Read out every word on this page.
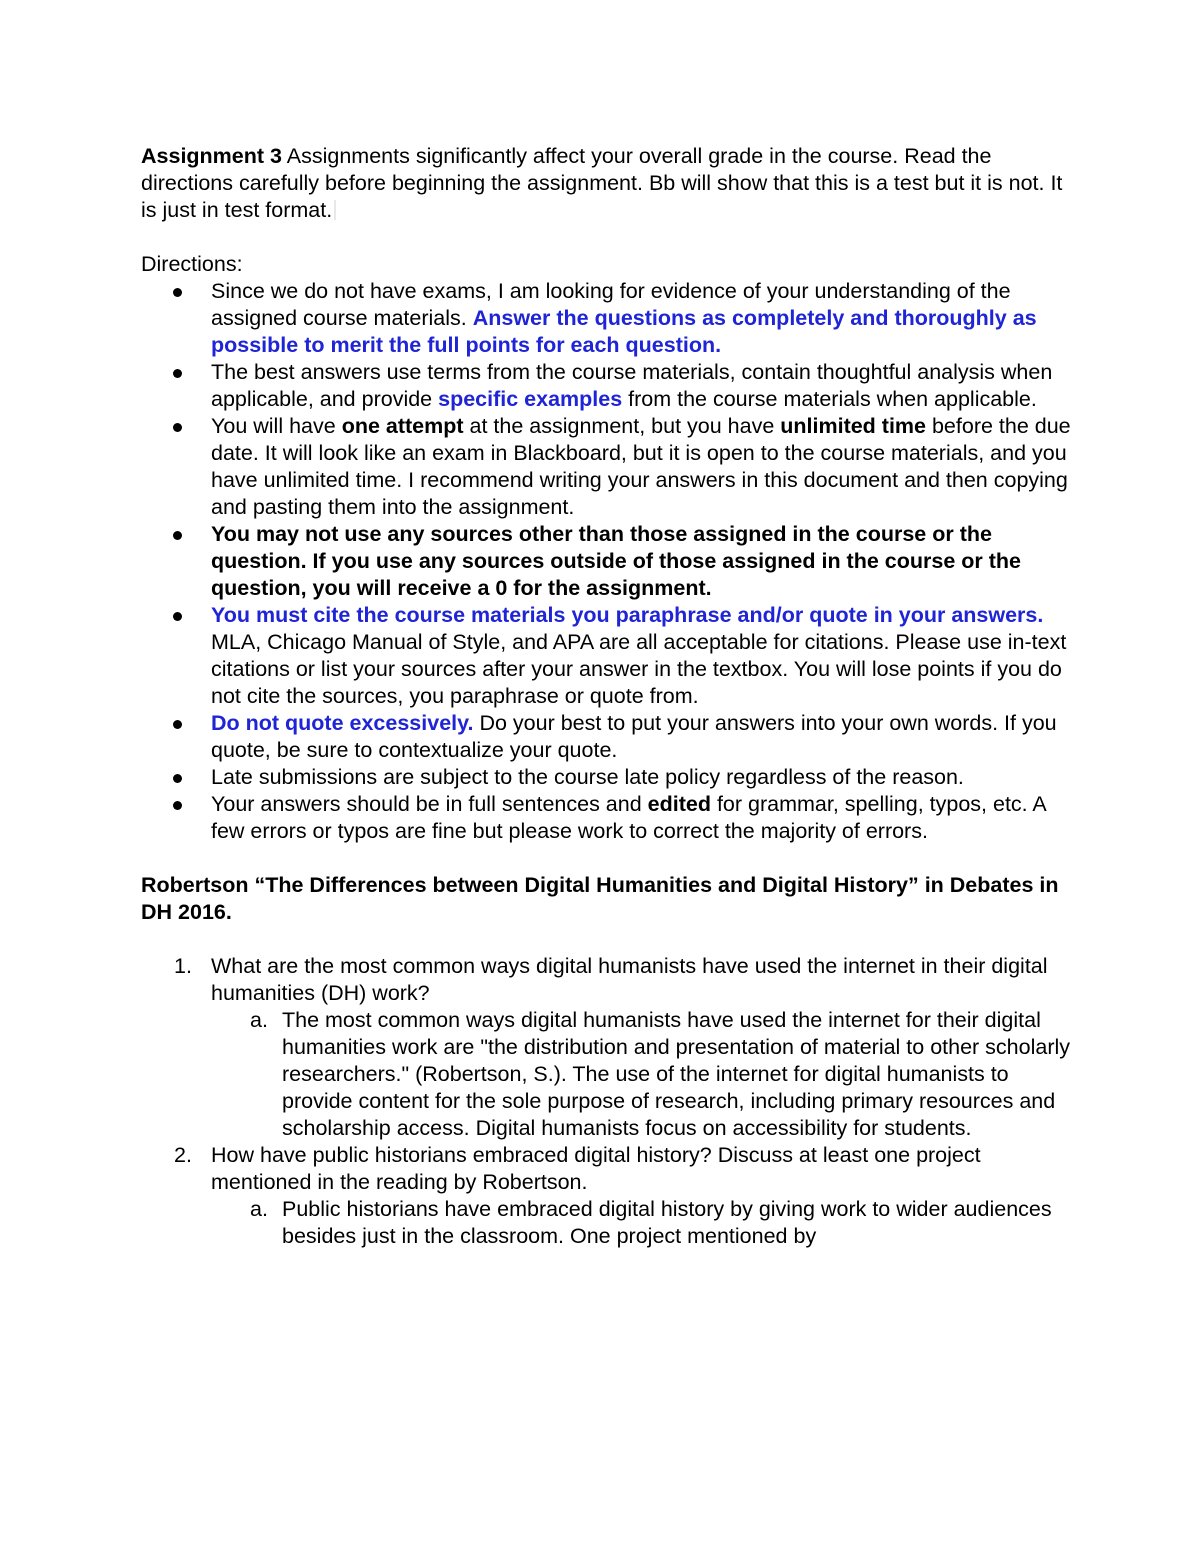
Assignment 3 Assignments significantly affect your overall grade in the course. Read the directions carefully before beginning the assignment. Bb will show that this is a test but it is not. It is just in test format.

Directions:

Since we do not have exams, I am looking for evidence of your understanding of the assigned course materials. Answer the questions as completely and thoroughly as possible to merit the full points for each question.
The best answers use terms from the course materials, contain thoughtful analysis when applicable, and provide specific examples from the course materials when applicable.
You will have one attempt at the assignment, but you have unlimited time before the due date. It will look like an exam in Blackboard, but it is open to the course materials, and you have unlimited time. I recommend writing your answers in this document and then copying and pasting them into the assignment.
You may not use any sources other than those assigned in the course or the question. If you use any sources outside of those assigned in the course or the question, you will receive a 0 for the assignment.
You must cite the course materials you paraphrase and/or quote in your answers. MLA, Chicago Manual of Style, and APA are all acceptable for citations. Please use in-text citations or list your sources after your answer in the textbox. You will lose points if you do not cite the sources, you paraphrase or quote from.
Do not quote excessively. Do your best to put your answers into your own words. If you quote, be sure to contextualize your quote.
Late submissions are subject to the course late policy regardless of the reason.
Your answers should be in full sentences and edited for grammar, spelling, typos, etc. A few errors or typos are fine but please work to correct the majority of errors.

Robertson “The Differences between Digital Humanities and Digital History” in Debates in DH 2016.

1. What are the most common ways digital humanists have used the internet in their digital humanities (DH) work?
a. The most common ways digital humanists have used the internet for their digital humanities work are "the distribution and presentation of material to other scholarly researchers." (Robertson, S.). The use of the internet for digital humanists to provide content for the sole purpose of research, including primary resources and scholarship access. Digital humanists focus on accessibility for students.
2. How have public historians embraced digital history? Discuss at least one project mentioned in the reading by Robertson.
a. Public historians have embraced digital history by giving work to wider audiences besides just in the classroom. One project mentioned by
